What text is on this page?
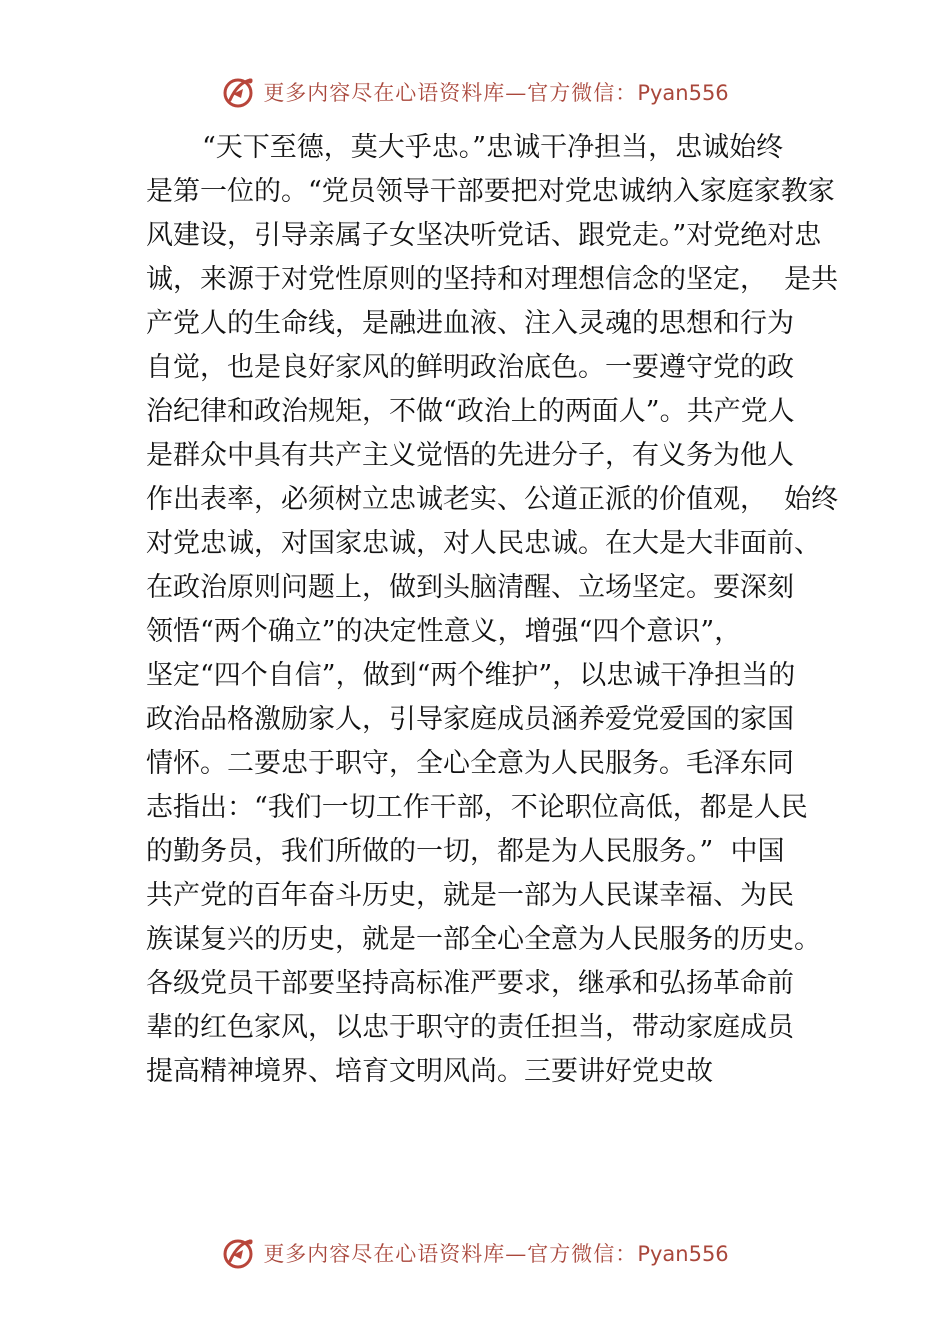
更多内容尽在心语资料库—官方微信：Pyan556
“天下至德，莫大乎忠。”忠诚干净担当，忠诚始终
是第一位的。“党员领导干部要把对党忠诚纳入家庭家教家
风建设，引导亲属子女坚决听党话、跟党走。”对党绝对忠
诚，来源于对党性原则的坚持和对理想信念的坚定，  是共
产党人的生命线，是融进血液、注入灵魂的思想和行为
自觉，也是良好家风的鲜明政治底色。一要遵守党的政
治纪律和政治规矩，不做“政治上的两面人”。共产党人
是群众中具有共产主义觉悟的先进分子，有义务为他人
作出表率，必须树立忠诚老实、公道正派的价值观，  始终
对党忠诚，对国家忠诚，对人民忠诚。在大是大非面前、
在政治原则问题上，做到头脑清醒、立场坚定。要深刻
领悟“两个确立”的决定性意义，增强“四个意识”，
坚定“四个自信”，做到“两个维护”，以忠诚干净担当的
政治品格激励家人，引导家庭成员涵养爱党爱国的家国
情怀。二要忠于职守，全心全意为人民服务。毛泽东同
志指出：“我们一切工作干部，不论职位高低，都是人民
的勤务员，我们所做的一切，都是为人民服务。”  中国
共产党的百年奋斗历史，就是一部为人民谋幸福、为民
族谋复兴的历史，就是一部全心全意为人民服务的历史。
各级党员干部要坚持高标准严要求，继承和弘扬革命前
辈的红色家风，以忠于职守的责任担当，带动家庭成员
提高精神境界、培育文明风尚。三要讲好党史故
更多内容尽在心语资料库—官方微信：Pyan556
